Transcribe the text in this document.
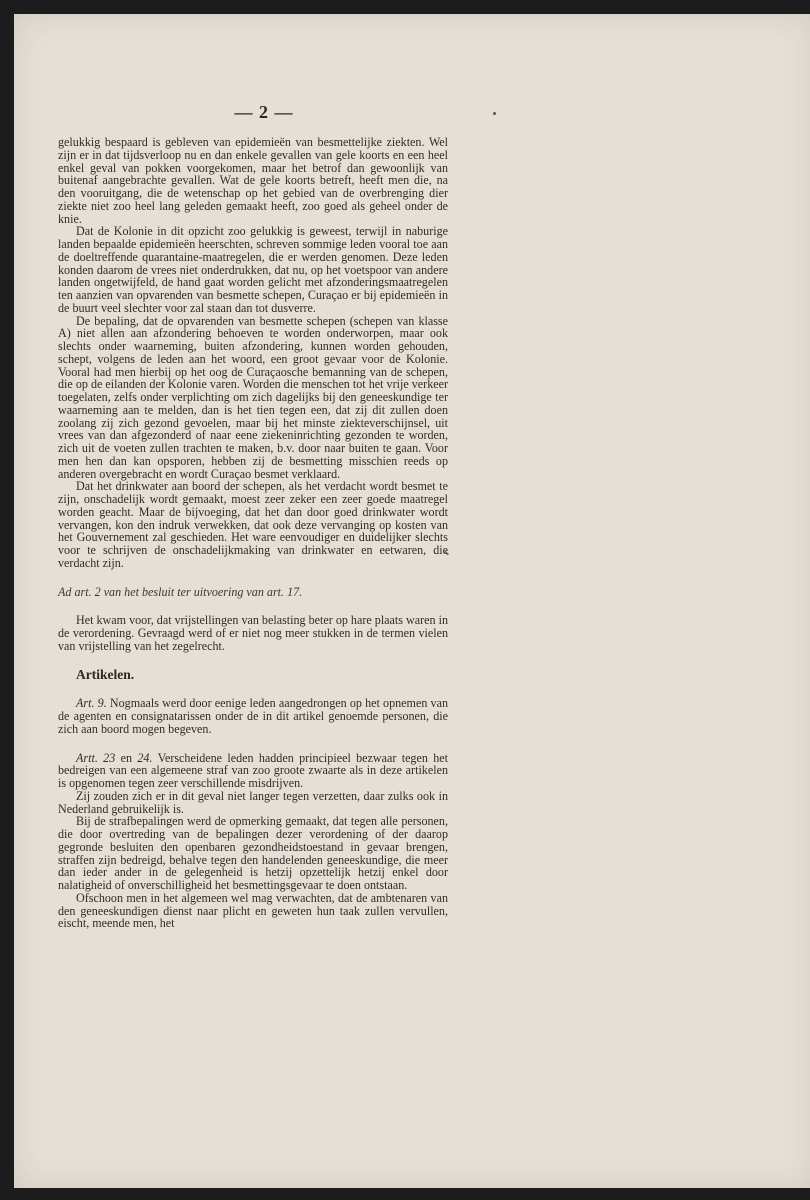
— 2 —

gelukkig bespaard is gebleven van epidemieën van besmettelijke ziekten. Wel zijn er in dat tijdsverloop nu en dan enkele gevallen van gele koorts en een heel enkel geval van pokken voorgekomen, maar het betrof dan gewoonlijk van buitenaf aangebrachte gevallen. Wat de gele koorts betreft, heeft men die, na den vooruitgang, die de wetenschap op het gebied van de overbrenging dier ziekte niet zoo heel lang geleden gemaakt heeft, zoo goed als geheel onder de knie.

Dat de Kolonie in dit opzicht zoo gelukkig is geweest, terwijl in naburige landen bepaalde epidemieën heerschten, schreven sommige leden vooral toe aan de doeltreffende quarantaine-maatregelen, die er werden genomen. Deze leden konden daarom de vrees niet onderdrukken, dat nu, op het voetspoor van andere landen ongetwijfeld, de hand gaat worden gelicht met afzonderingsmaatregelen ten aanzien van opvarenden van besmette schepen, Curaçao er bij epidemieën in de buurt veel slechter voor zal staan dan tot dusverre.

De bepaling, dat de opvarenden van besmette schepen (schepen van klasse A) niet allen aan afzondering behoeven te worden onderworpen, maar ook slechts onder waarneming, buiten afzondering, kunnen worden gehouden, schept, volgens de leden aan het woord, een groot gevaar voor de Kolonie. Vooral had men hierbij op het oog de Curaçaosche bemanning van de schepen, die op de eilanden der Kolonie varen. Worden die menschen tot het vrije verkeer toegelaten, zelfs onder verplichting om zich dagelijks bij den geneeskundige ter waarneming aan te melden, dan is het tien tegen een, dat zij dit zullen doen zoolang zij zich gezond gevoelen, maar bij het minste ziekteverschijnsel, uit vrees van dan afgezonderd of naar eene ziekeninrichting gezonden te worden, zich uit de voeten zullen trachten te maken, b.v. door naar buiten te gaan. Voor men hen dan kan opsporen, hebben zij de besmetting misschien reeds op anderen overgebracht en wordt Curaçao besmet verklaard.

Dat het drinkwater aan boord der schepen, als het verdacht wordt besmet te zijn, onschadelijk wordt gemaakt, moest zeer zeker een zeer goede maatregel worden geacht. Maar de bijvoeging, dat het dan door goed drinkwater wordt vervangen, kon den indruk verwekken, dat ook deze vervanging op kosten van het Gouvernement zal geschieden. Het ware eenvoudiger en duidelijker slechts voor te schrijven de onschadelijkmaking van drinkwater en eetwaren, die verdacht zijn.

Ad art. 2 van het besluit ter uitvoering van art. 17.

Het kwam voor, dat vrijstellingen van belasting beter op hare plaats waren in de verordening. Gevraagd werd of er niet nog meer stukken in de termen vielen van vrijstelling van het zegelrecht.

Artikelen.

Art. 9. Nogmaals werd door eenige leden aangedrongen op het opnemen van de agenten en consignatarissen onder de in dit artikel genoemde personen, die zich aan boord mogen begeven.

Artt. 23 en 24. Verscheidene leden hadden principieel bezwaar tegen het bedreigen van een algemeene straf van zoo groote zwaarte als in deze artikelen is opgenomen tegen zeer verschillende misdrijven.

Zij zouden zich er in dit geval niet langer tegen verzetten, daar zulks ook in Nederland gebruikelijk is.

Bij de strafbepalingen werd de opmerking gemaakt, dat tegen alle personen, die door overtreding van de bepalingen dezer verordening of der daarop gegronde besluiten den openbaren gezondheidstoestand in gevaar brengen, straffen zijn bedreigd, behalve tegen den handelenden geneeskundige, die meer dan ieder ander in de gelegenheid is hetzij opzettelijk hetzij enkel door nalatigheid of onverschilligheid het besmettingsgevaar te doen ontstaan.

Ofschoon men in het algemeen wel mag verwachten, dat de ambtenaren van den geneeskundigen dienst naar plicht en geweten hun taak zullen vervullen, eischt, meende men, het
